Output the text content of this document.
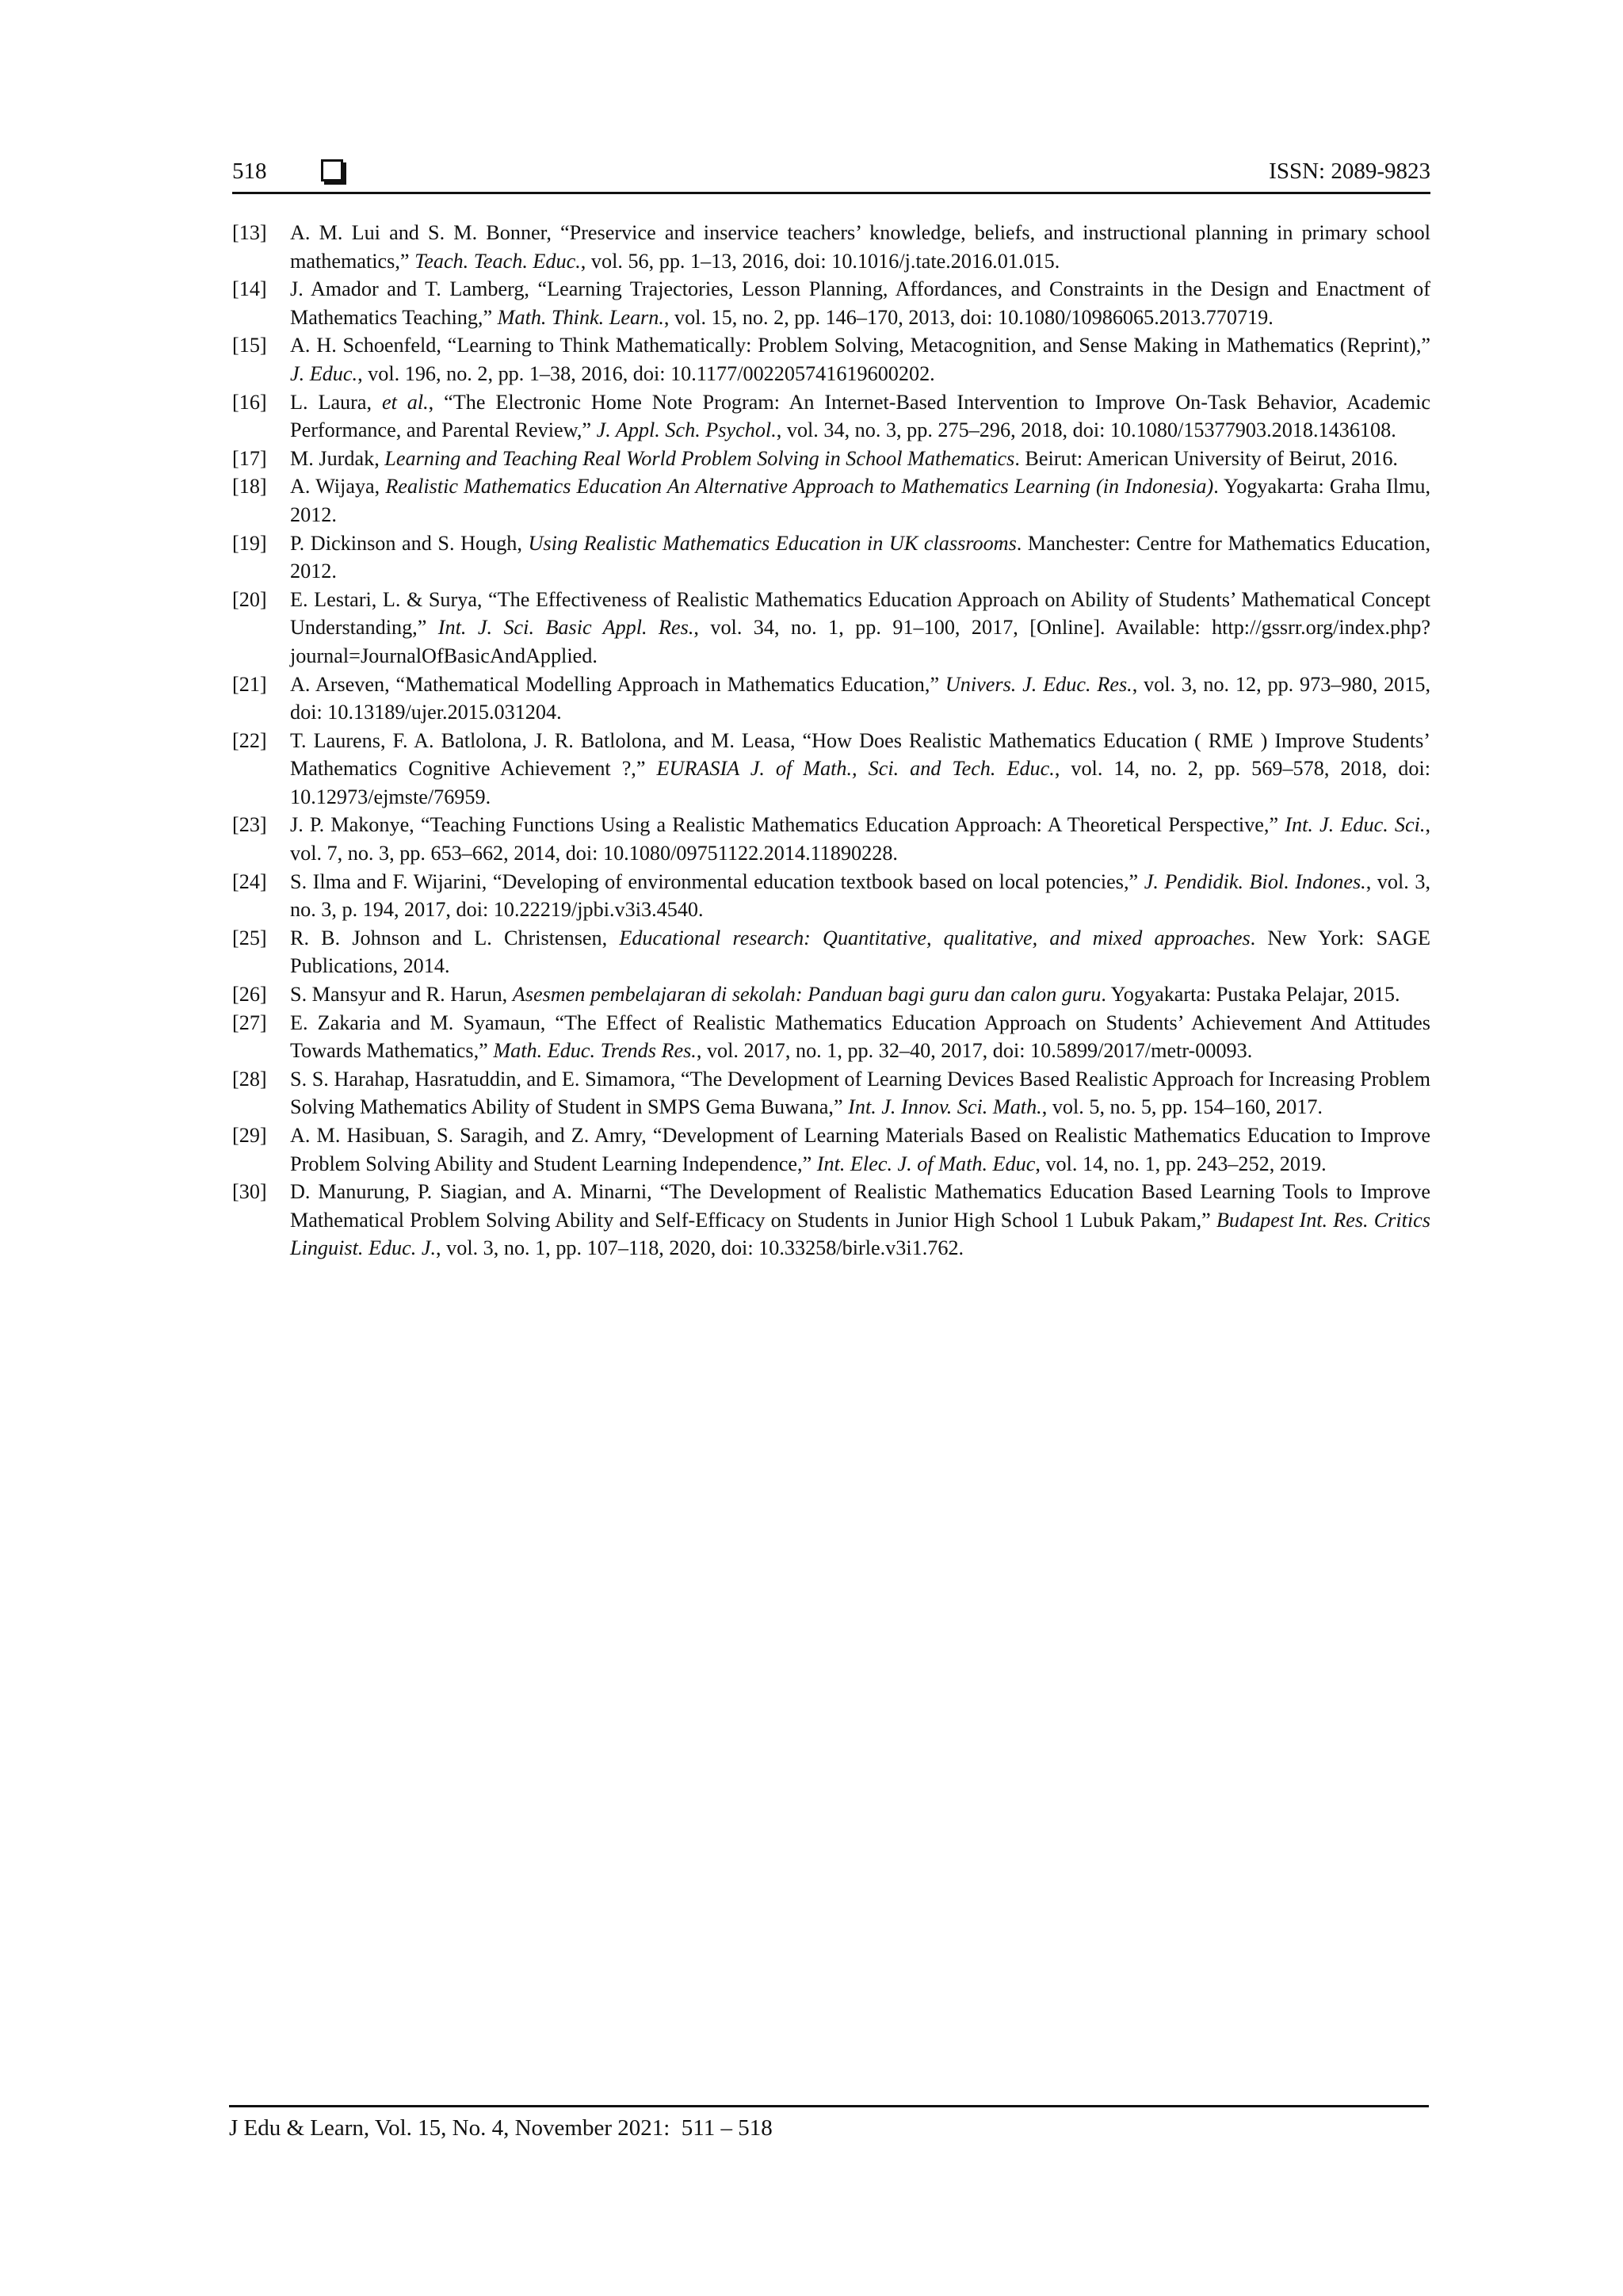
518	ISSN: 2089-9823
[13] A. M. Lui and S. M. Bonner, “Preservice and inservice teachers’ knowledge, beliefs, and instructional planning in primary school mathematics,” Teach. Teach. Educ., vol. 56, pp. 1–13, 2016, doi: 10.1016/j.tate.2016.01.015.
[14] J. Amador and T. Lamberg, “Learning Trajectories, Lesson Planning, Affordances, and Constraints in the Design and Enactment of Mathematics Teaching,” Math. Think. Learn., vol. 15, no. 2, pp. 146–170, 2013, doi: 10.1080/10986065.2013.770719.
[15] A. H. Schoenfeld, “Learning to Think Mathematically: Problem Solving, Metacognition, and Sense Making in Mathematics (Reprint),” J. Educ., vol. 196, no. 2, pp. 1–38, 2016, doi: 10.1177/002205741619600202.
[16] L. Laura, et al., “The Electronic Home Note Program: An Internet-Based Intervention to Improve On-Task Behavior, Academic Performance, and Parental Review,” J. Appl. Sch. Psychol., vol. 34, no. 3, pp. 275–296, 2018, doi: 10.1080/15377903.2018.1436108.
[17] M. Jurdak, Learning and Teaching Real World Problem Solving in School Mathematics. Beirut: American University of Beirut, 2016.
[18] A. Wijaya, Realistic Mathematics Education An Alternative Approach to Mathematics Learning (in Indonesia). Yogyakarta: Graha Ilmu, 2012.
[19] P. Dickinson and S. Hough, Using Realistic Mathematics Education in UK classrooms. Manchester: Centre for Mathematics Education, 2012.
[20] E. Lestari, L. & Surya, “The Effectiveness of Realistic Mathematics Education Approach on Ability of Students’ Mathematical Concept Understanding,” Int. J. Sci. Basic Appl. Res., vol. 34, no. 1, pp. 91–100, 2017, [Online]. Available: http://gssrr.org/index.php?journal=JournalOfBasicAndApplied.
[21] A. Arseven, “Mathematical Modelling Approach in Mathematics Education,” Univers. J. Educ. Res., vol. 3, no. 12, pp. 973–980, 2015, doi: 10.13189/ujer.2015.031204.
[22] T. Laurens, F. A. Batlolona, J. R. Batlolona, and M. Leasa, “How Does Realistic Mathematics Education ( RME ) Improve Students’ Mathematics Cognitive Achievement ?,” EURASIA J. of Math., Sci. and Tech. Educ., vol. 14, no. 2, pp. 569–578, 2018, doi: 10.12973/ejmste/76959.
[23] J. P. Makonye, “Teaching Functions Using a Realistic Mathematics Education Approach: A Theoretical Perspective,” Int. J. Educ. Sci., vol. 7, no. 3, pp. 653–662, 2014, doi: 10.1080/09751122.2014.11890228.
[24] S. Ilma and F. Wijarini, “Developing of environmental education textbook based on local potencies,” J. Pendidik. Biol. Indones., vol. 3, no. 3, p. 194, 2017, doi: 10.22219/jpbi.v3i3.4540.
[25] R. B. Johnson and L. Christensen, Educational research: Quantitative, qualitative, and mixed approaches. New York: SAGE Publications, 2014.
[26] S. Mansyur and R. Harun, Asesmen pembelajaran di sekolah: Panduan bagi guru dan calon guru. Yogyakarta: Pustaka Pelajar, 2015.
[27] E. Zakaria and M. Syamaun, “The Effect of Realistic Mathematics Education Approach on Students’ Achievement And Attitudes Towards Mathematics,” Math. Educ. Trends Res., vol. 2017, no. 1, pp. 32–40, 2017, doi: 10.5899/2017/metr-00093.
[28] S. S. Harahap, Hasratuddin, and E. Simamora, “The Development of Learning Devices Based Realistic Approach for Increasing Problem Solving Mathematics Ability of Student in SMPS Gema Buwana,” Int. J. Innov. Sci. Math., vol. 5, no. 5, pp. 154–160, 2017.
[29] A. M. Hasibuan, S. Saragih, and Z. Amry, “Development of Learning Materials Based on Realistic Mathematics Education to Improve Problem Solving Ability and Student Learning Independence,” Int. Elec. J. of Math. Educ, vol. 14, no. 1, pp. 243–252, 2019.
[30] D. Manurung, P. Siagian, and A. Minarni, “The Development of Realistic Mathematics Education Based Learning Tools to Improve Mathematical Problem Solving Ability and Self-Efficacy on Students in Junior High School 1 Lubuk Pakam,” Budapest Int. Res. Critics Linguist. Educ. J., vol. 3, no. 1, pp. 107–118, 2020, doi: 10.33258/birle.v3i1.762.
J Edu & Learn, Vol. 15, No. 4, November 2021:  511 – 518
